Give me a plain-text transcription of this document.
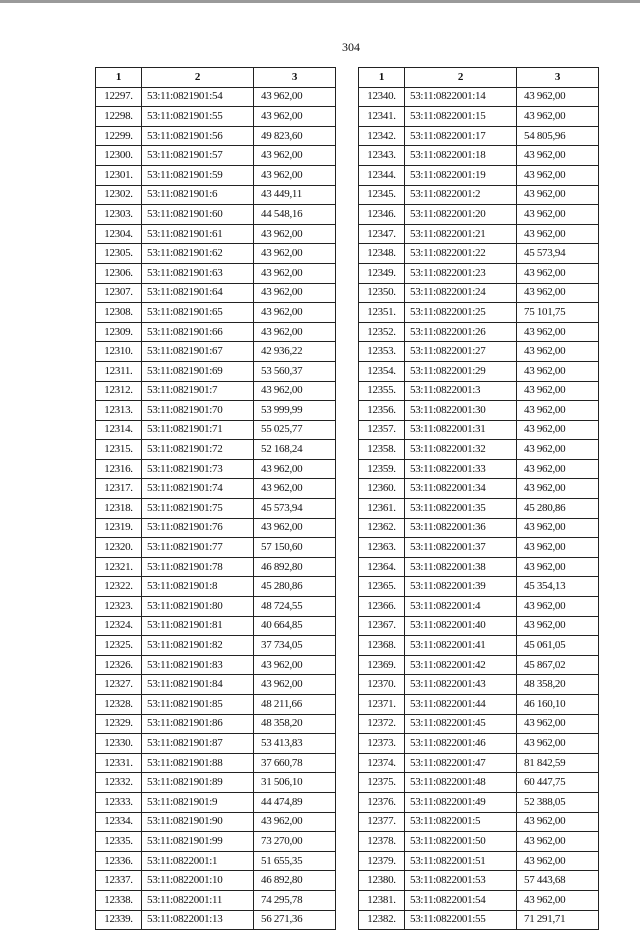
304
1	2	3
12297.	53:11:0821901:54	43 962,00
12298.	53:11:0821901:55	43 962,00
12299.	53:11:0821901:56	49 823,60
12300.	53:11:0821901:57	43 962,00
12301.	53:11:0821901:59	43 962,00
12302.	53:11:0821901:6	43 449,11
12303.	53:11:0821901:60	44 548,16
12304.	53:11:0821901:61	43 962,00
12305.	53:11:0821901:62	43 962,00
12306.	53:11:0821901:63	43 962,00
12307.	53:11:0821901:64	43 962,00
12308.	53:11:0821901:65	43 962,00
12309.	53:11:0821901:66	43 962,00
12310.	53:11:0821901:67	42 936,22
12311.	53:11:0821901:69	53 560,37
12312.	53:11:0821901:7	43 962,00
12313.	53:11:0821901:70	53 999,99
12314.	53:11:0821901:71	55 025,77
12315.	53:11:0821901:72	52 168,24
12316.	53:11:0821901:73	43 962,00
12317.	53:11:0821901:74	43 962,00
12318.	53:11:0821901:75	45 573,94
12319.	53:11:0821901:76	43 962,00
12320.	53:11:0821901:77	57 150,60
12321.	53:11:0821901:78	46 892,80
12322.	53:11:0821901:8	45 280,86
12323.	53:11:0821901:80	48 724,55
12324.	53:11:0821901:81	40 664,85
12325.	53:11:0821901:82	37 734,05
12326.	53:11:0821901:83	43 962,00
12327.	53:11:0821901:84	43 962,00
12328.	53:11:0821901:85	48 211,66
12329.	53:11:0821901:86	48 358,20
12330.	53:11:0821901:87	53 413,83
12331.	53:11:0821901:88	37 660,78
12332.	53:11:0821901:89	31 506,10
12333.	53:11:0821901:9	44 474,89
12334.	53:11:0821901:90	43 962,00
12335.	53:11:0821901:99	73 270,00
12336.	53:11:0822001:1	51 655,35
12337.	53:11:0822001:10	46 892,80
12338.	53:11:0822001:11	74 295,78
12339.	53:11:0822001:13	56 271,36
1	2	3
12340.	53:11:0822001:14	43 962,00
12341.	53:11:0822001:15	43 962,00
12342.	53:11:0822001:17	54 805,96
12343.	53:11:0822001:18	43 962,00
12344.	53:11:0822001:19	43 962,00
12345.	53:11:0822001:2	43 962,00
12346.	53:11:0822001:20	43 962,00
12347.	53:11:0822001:21	43 962,00
12348.	53:11:0822001:22	45 573,94
12349.	53:11:0822001:23	43 962,00
12350.	53:11:0822001:24	43 962,00
12351.	53:11:0822001:25	75 101,75
12352.	53:11:0822001:26	43 962,00
12353.	53:11:0822001:27	43 962,00
12354.	53:11:0822001:29	43 962,00
12355.	53:11:0822001:3	43 962,00
12356.	53:11:0822001:30	43 962,00
12357.	53:11:0822001:31	43 962,00
12358.	53:11:0822001:32	43 962,00
12359.	53:11:0822001:33	43 962,00
12360.	53:11:0822001:34	43 962,00
12361.	53:11:0822001:35	45 280,86
12362.	53:11:0822001:36	43 962,00
12363.	53:11:0822001:37	43 962,00
12364.	53:11:0822001:38	43 962,00
12365.	53:11:0822001:39	45 354,13
12366.	53:11:0822001:4	43 962,00
12367.	53:11:0822001:40	43 962,00
12368.	53:11:0822001:41	45 061,05
12369.	53:11:0822001:42	45 867,02
12370.	53:11:0822001:43	48 358,20
12371.	53:11:0822001:44	46 160,10
12372.	53:11:0822001:45	43 962,00
12373.	53:11:0822001:46	43 962,00
12374.	53:11:0822001:47	81 842,59
12375.	53:11:0822001:48	60 447,75
12376.	53:11:0822001:49	52 388,05
12377.	53:11:0822001:5	43 962,00
12378.	53:11:0822001:50	43 962,00
12379.	53:11:0822001:51	43 962,00
12380.	53:11:0822001:53	57 443,68
12381.	53:11:0822001:54	43 962,00
12382.	53:11:0822001:55	71 291,71
